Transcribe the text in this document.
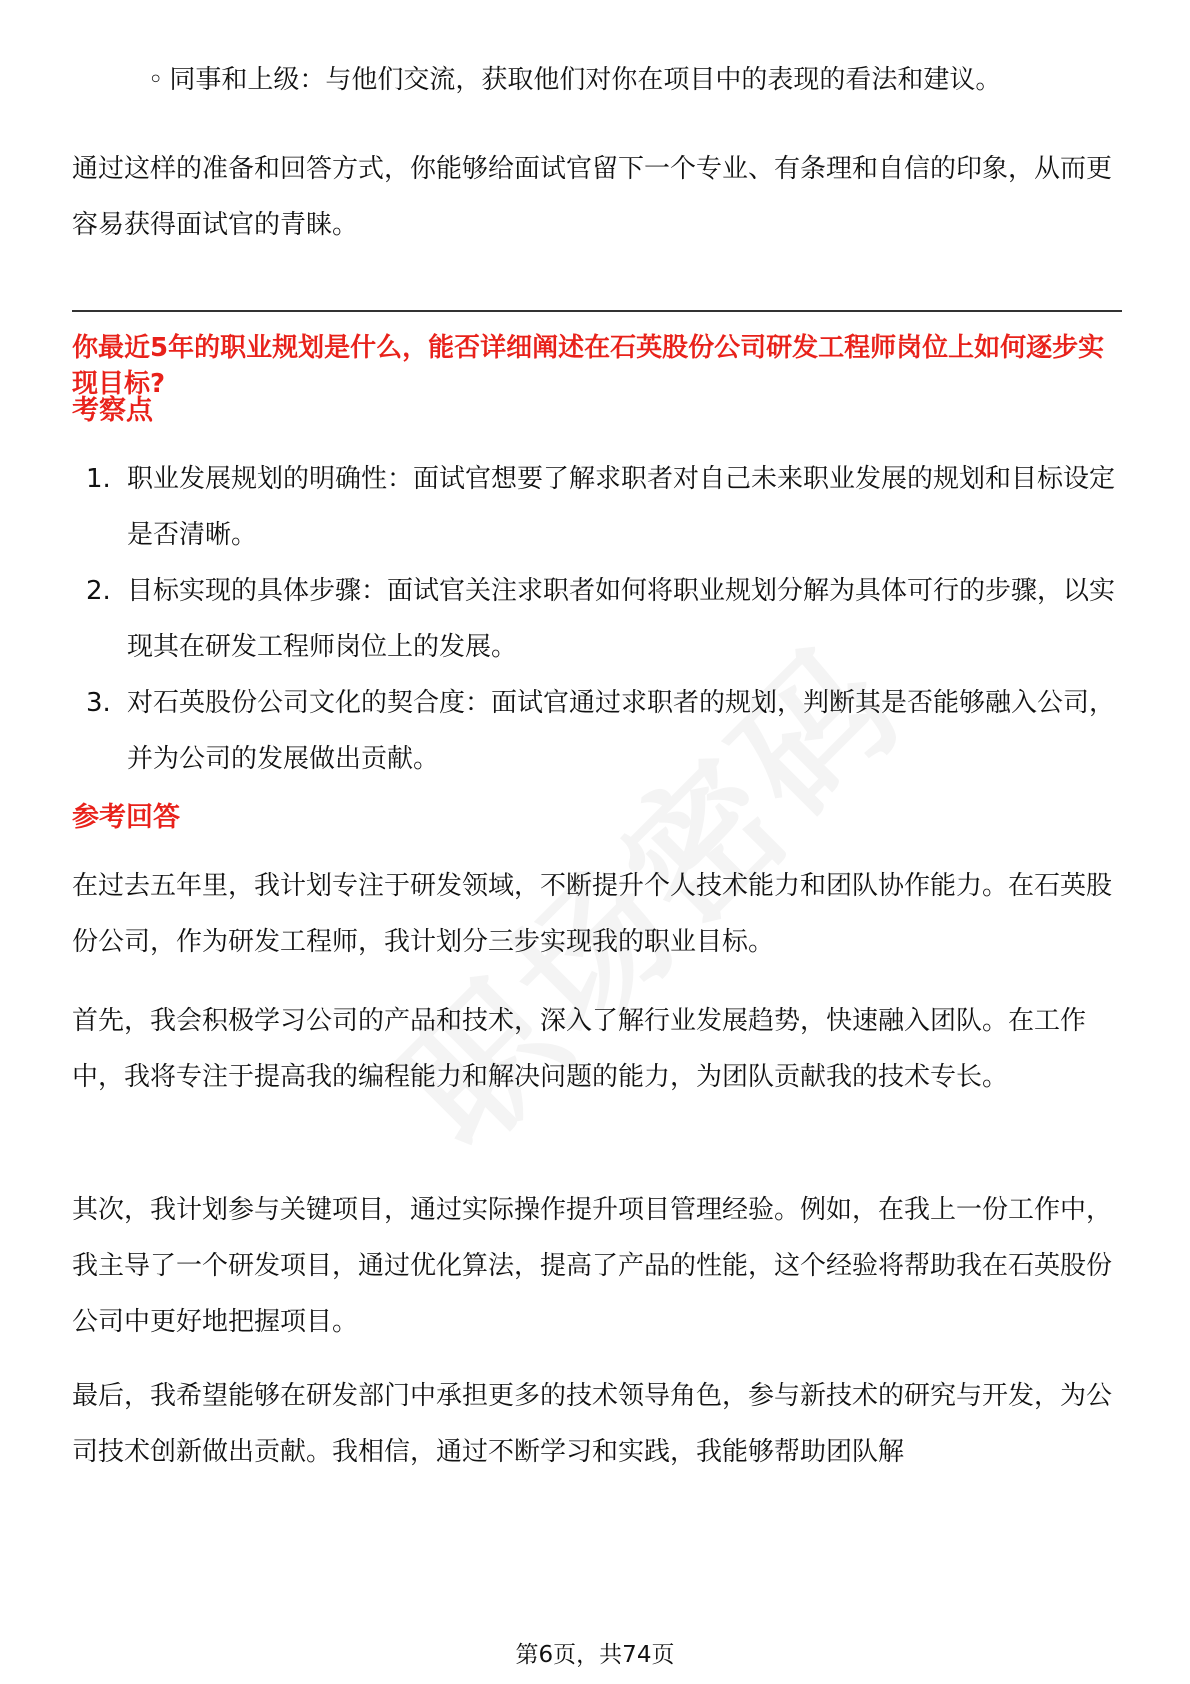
◦ 同事和上级：与他们交流，获取他们对你在项目中的表现的看法和建议。

通过这样的准备和回答方式，你能够给面试官留下一个专业、有条理和自信的印象，从而更容易获得面试官的青睐。

你最近5年的职业规划是什么，能否详细阐述在石英股份公司研发工程师岗位上如何逐步实现目标?
考察点

1. 职业发展规划的明确性：面试官想要了解求职者对自己未来职业发展的规划和目标设定是否清晰。

2. 目标实现的具体步骤：面试官关注求职者如何将职业规划分解为具体可行的步骤，以实现其在研发工程师岗位上的发展。

3. 对石英股份公司文化的契合度：面试官通过求职者的规划，判断其是否能够融入公司，并为公司的发展做出贡献。

参考回答

在过去五年里，我计划专注于研发领域，不断提升个人技术能力和团队协作能力。在石英股份公司，作为研发工程师，我计划分三步实现我的职业目标。

首先，我会积极学习公司的产品和技术，深入了解行业发展趋势，快速融入团队。在工作中，我将专注于提高我的编程能力和解决问题的能力，为团队贡献我的技术专长。

其次，我计划参与关键项目，通过实际操作提升项目管理经验。例如，在我上一份工作中，我主导了一个研发项目，通过优化算法，提高了产品的性能，这个经验将帮助我在石英股份公司中更好地把握项目。

最后，我希望能够在研发部门中承担更多的技术领导角色，参与新技术的研究与开发，为公司技术创新做出贡献。我相信，通过不断学习和实践，我能够帮助团队解

第6页，共74页
